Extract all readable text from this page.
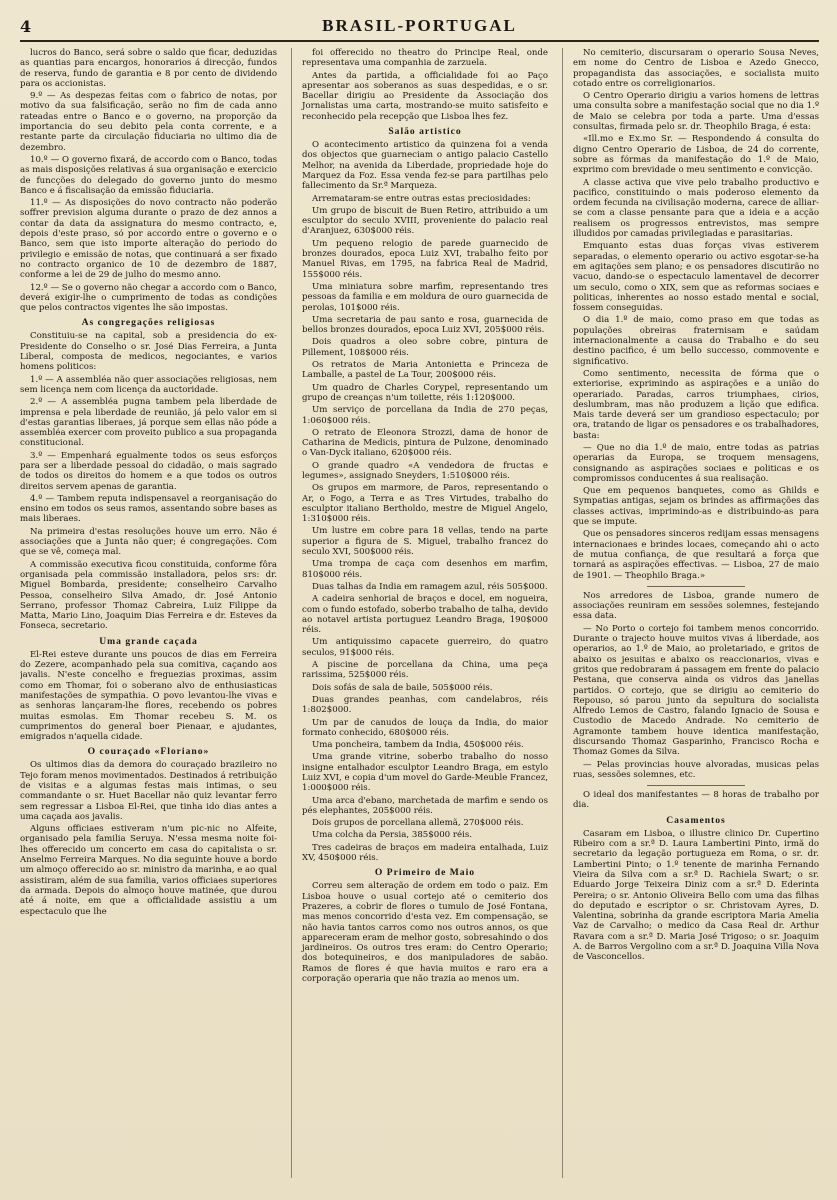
4	BRASIL-PORTUGAL

lucros do Banco, será sobre o saldo que ficar, deduzidas as quantias para encargos, honorarios á direcção, fundos de reserva, fundo de garantia e 8 por cento de dividendo para os accionistas.

9.º — As despezas feitas com o fabrico de notas, por motivo da sua falsificação, serão no fim de cada anno rateadas entre o Banco e o governo, na proporção da importancia do seu debito pela conta corrente, e a restante parte da circulação fiduciaria no ultimo dia de dezembro.

10.º — O governo fixará, de accordo com o Banco, todas as mais disposições relativas á sua organisação e exercicio de funcções do delegado do governo junto do mesmo Banco e á fiscalisação da emissão fiduciaria.

11.º — As disposições do novo contracto não poderão soffrer prevision alguma durante o prazo de dez annos a contar da data da assignatura do mesmo contracto, e, depois d'este praso, só por accordo entre o governo e o Banco, sem que isto importe alteração do periodo do privilegio e emissão de notas, que continuará a ser fixado no contracto organico de 10 de dezembro de 1887, conforme a lei de 29 de julho do mesmo anno.

12.º — Se o governo não chegar a accordo com o Banco, deverá exigir-lhe o cumprimento de todas as condições que pelos contractos vigentes lhe são impostas.

As congregações religiosas

Constituiu-se na capital, sob a presidencia do ex-Presidente do Conselho o sr. José Dias Ferreira, a Junta Liberal, composta de medicos, negociantes, e varios homens politicos:

1.º — A assembléa não quer associações religiosas, nem sem licença nem com licença da auctoridade.

2.º — A assembléa pugna tambem pela liberdade de imprensa e pela liberdade de reunião, já pelo valor em si d'estas garantias liberaes, já porque sem ellas não póde a assembléa exercer com proveito publico a sua propaganda constitucional.

3.º — Empenhará egualmente todos os seus esforços para ser a liberdade pessoal do cidadão, o mais sagrado de todos os direitos do homem e a que todos os outros direitos servem apenas de garantia.

4.º — Tambem reputa indispensavel a reorganisação do ensino em todos os seus ramos, assentando sobre bases as mais liberaes.

Na primeira d'estas resoluções houve um erro. Não é associações que a Junta não quer; é congregações. Com que se vê, começa mal.

A commissão executiva ficou constituida, conforme fôra organisada pela commissão installadora, pelos srs: dr. Miguel Bombarda, presidente; conselheiro Carvalho Pessoa, conselheiro Silva Amado, dr. José Antonio Serrano, professor Thomaz Cabreira, Luiz Filippe da Matta, Mario Lino, Joaquim Dias Ferreira e dr. Esteves da Fonseca, secretario.

Uma grande caçada

El-Rei esteve durante uns poucos de dias em Ferreira do Zezere, acompanhado pela sua comitiva, caçando aos javalis. N'este concelho e freguezias proximas, assim como em Thomar, foi o soberano alvo de enthusiasticas manifestações de sympathia. O povo levantou-lhe vivas e as senhoras lançaram-lhe flores, recebendo os pobres muitas esmolas. Em Thomar recebeu S. M. os cumprimentos do general boer Pienaar, e ajudantes, emigrados n'aquella cidade.

O couraçado «Floriano»

Os ultimos dias da demora do couraçado brazileiro no Tejo foram menos movimentados. Destinados á retribuição de visitas e a algumas festas mais intimas, o seu commandante o sr. Huet Bacellar não quiz levantar ferro sem regressar a Lisboa El-Rei, que tinha ido dias antes a uma caçada aos javalis.

Alguns officiaes estiveram n'um pic-nic no Alfeite, organisado pela familia Seruya. N'essa mesma noite foi-lhes offerecido um concerto em casa do capitalista o sr. Anselmo Ferreira Marques. No dia seguinte houve a bordo um almoço offerecido ao sr. ministro da marinha, e ao qual assistiram, além de sua familia, varios officiaes superiores da armada. Depois do almoço houve matinée, que durou até á noite, em que a officialidade assistiu a um espectaculo que lhe

foi offerecido no theatro do Principe Real, onde representava uma companhia de zarzuela.

Antes da partida, a officialidade foi ao Paço apresentar aos soberanos as suas despedidas, e o sr. Bacellar dirigiu ao Presidente da Associação dos Jornalistas uma carta, mostrando-se muito satisfeito e reconhecido pela recepção que Lisboa lhes fez.

Salão artistico

O acontecimento artistico da quinzena foi a venda dos objectos que guarneciam o antigo palacio Castello Melhor, na avenida da Liberdade, propriedade hoje do Marquez da Foz. Essa venda fez-se para partilhas pelo fallecimento da Sr.ª Marqueza.

Arremataram-se entre outras estas preciosidades:

Um grupo de biscuit de Buen Retiro, attribuido a um esculptor do seculo XVIII, proveniente do palacio real d'Aranjuez, 630$000 réis.

Um pequeno relogio de parede guarnecido de bronzes dourados, epoca Luiz XVI, trabalho feito por Manuel Rivas, em 1795, na fabrica Real de Madrid, 155$000 réis.

Uma miniatura sobre marfim, representando tres pessoas da familia e em moldura de ouro guarnecida de perolas, 101$000 réis.

Uma secretaria de pau santo e rosa, guarnecida de bellos bronzes dourados, epoca Luiz XVI, 205$000 réis.

Dois quadros a oleo sobre cobre, pintura de Pillement, 108$000 réis.

Os retratos de Maria Antonietta e Princeza de Lamballe, a pastel de La Tour, 200$000 réis.

Um quadro de Charles Corypel, representando um grupo de creanças n'um toilette, réis 1:120$000.

Um serviço de porcellana da India de 270 peças, 1:060$000 réis.

O retrato de Eleonora Strozzi, dama de honor de Catharina de Medicis, pintura de Pulzone, denominado o Van-Dyck italiano, 620$000 réis.

O grande quadro «A vendedora de fructas e legumes», assignado Sneyders, 1:510$000 réis.

Os grupos em marmore, de Paros, representando o Ar, o Fogo, a Terra e as Tres Virtudes, trabalho do esculptor italiano Bertholdo, mestre de Miguel Angelo, 1:310$000 réis.

Um lustre em cobre para 18 vellas, tendo na parte superior a figura de S. Miguel, trabalho francez do seculo XVI, 500$000 réis.

Uma trompa de caça com desenhos em marfim, 810$000 réis.

Duas talhas da India em ramagem azul, réis 505$000.

A cadeira senhorial de braços e docel, em nogueira, com o fundo estofado, soberbo trabalho de talha, devido ao notavel artista portuguez Leandro Braga, 190$000 réis.

Um antiquissimo capacete guerreiro, do quatro seculos, 91$000 réis.

A piscine de porcellana da China, uma peça rarissima, 525$000 réis.

Dois sofás de sala de baile, 505$000 réis.

Duas grandes peanhas, com candelabros, réis 1:802$000.

Um par de canudos de louça da India, do maior formato conhecido, 680$000 réis.

Uma poncheira, tambem da India, 450$000 réis.

Uma grande vitrine, soberbo trabalho do nosso insigne entalhador esculptor Leandro Braga, em estylo Luiz XVI, e copia d'um movel do Garde-Meuble Francez, 1:000$000 réis.

Uma arca d'ebano, marchetada de marfim e sendo os pés elephantes, 205$000 réis.

Dois grupos de porcellana allemã, 270$000 réis.

Uma colcha da Persia, 385$000 réis.

Tres cadeiras de braços em madeira entalhada, Luiz XV, 450$000 réis.

O Primeiro de Maio

Correu sem alteração de ordem em todo o paiz. Em Lisboa houve o usual cortejo até o cemiterio dos Prazeres, a cobrir de flores o tumulo de José Fontana, mas menos concorrido d'esta vez. Em compensação, se não havia tantos carros como nos outros annos, os que appareceram eram de melhor gosto, sobresahindo o dos jardineiros. Os outros tres eram: do Centro Operario; dos botequineiros, e dos manipuladores de sabão. Ramos de flores é que havia muitos e raro era a corporação operaria que não trazia ao menos um.

No cemiterio, discursaram o operario Sousa Neves, em nome do Centro de Lisboa e Azedo Gnecco, propagandista das associações, e socialista muito cotado entre os correligionarios.

O Centro Operario dirigiu a varios homens de lettras uma consulta sobre a manifestação social que no dia 1.º de Maio se celebra por toda a parte. Uma d'essas consultas, firmada pelo sr. dr. Theophilo Braga, é esta:

«Ill.mo e Ex.mo Sr. — Respondendo á consulta do digno Centro Operario de Lisboa, de 24 do corrente, sobre as fórmas da manifestação do 1.º de Maio, exprimo com brevidade o meu sentimento e convicção.

A classe activa que vive pelo trabalho productivo e pacifico, constituindo o mais poderoso elemento da ordem fecunda na civilisação moderna, carece de alliar-se com a classe pensante para que a ideia e a acção realisem os progressos entrevistos, mas sempre illudidos por camadas privilegiadas e parasitarias.

Emquanto estas duas forças vivas estiverem separadas, o elemento operario ou activo esgotar-se-ha em agitações sem plano; e os pensadores discutirão no vacuo, dando-se o espectaculo lamentavel de decorrer um seculo, como o XIX, sem que as reformas sociaes e politicas, inherentes ao nosso estado mental e social, fossem conseguidas.

O dia 1.º de maio, como praso em que todas as populações obreiras fraternisam e saúdam internacionalmente a causa do Trabalho e do seu destino pacifico, é um bello successo, commovente e significativo.

Como sentimento, necessita de fórma que o exteriorise, exprimindo as aspirações e a união do operariado. Paradas, carros triumphaes, cirios, deslumbram, mas não produzem a lição que edifica. Mais tarde deverá ser um grandioso espectaculo; por ora, tratando de ligar os pensadores e os trabalhadores, basta:

— Que no dia 1.º de maio, entre todas as patrias operarias da Europa, se troquem mensagens, consignando as aspirações sociaes e politicas e os compromissos conducentes á sua realisação.

Que em pequenos banquetes, como as Ghilds e Sympatias antigas, sejam os brindes as affirmações das classes activas, imprimindo-as e distribuindo-as para que se impute.

Que os pensadores sinceros redijam essas mensagens internacionaes e brindes locaes, começando ahi o acto de mutua confiança, de que resultará a força que tornará as aspirações effectivas. — Lisboa, 27 de maio de 1901. — Theophilo Braga.»

Nos arredores de Lisboa, grande numero de associações reuniram em sessões solemnes, festejando essa data.

— No Porto o cortejo foi tambem menos concorrido. Durante o trajecto houve muitos vivas á liberdade, aos operarios, ao 1.º de Maio, ao proletariado, e gritos de abaixo os jesuitas e abaixo os reaccionarios, vivas e gritos que redobraram á passagem em frente do palacio Pestana, que conserva ainda os vidros das janellas partidos. O cortejo, que se dirigiu ao cemiterio do Repouso, só parou junto da sepultura do socialista Alfredo Lemos de Castro, falando Ignacio de Sousa e Custodio de Macedo Andrade. No cemiterio de Agramonte tambem houve identica manifestação, discursando Thomaz Gasparinho, Francisco Rocha e Thomaz Gomes da Silva.

— Pelas provincias houve alvoradas, musicas pelas ruas, sessões solemnes, etc.

O ideal dos manifestantes — 8 horas de trabalho por dia.

Casamentos

Casaram em Lisboa, o illustre clinico Dr. Cupertino Ribeiro com a sr.ª D. Laura Lambertini Pinto, irmã do secretario da legação portugueza em Roma, o sr. dr. Lambertini Pinto; o 1.º tenente de marinha Fernando Vieira da Silva com a sr.ª D. Rachiela Swart; o sr. Eduardo Jorge Teixeira Diniz com a sr.ª D. Ederinta Pereira; o sr. Antonio Oliveira Bello com uma das filhas do deputado e escriptor o sr. Christovam Ayres, D. Valentina, sobrinha da grande escriptora Maria Amelia Vaz de Carvalho; o medico da Casa Real dr. Arthur Ravara com a sr.ª D. Maria José Trigoso; o sr. Joaquim A. de Barros Vergolino com a sr.ª D. Joaquina Villa Nova de Vasconcellos.
